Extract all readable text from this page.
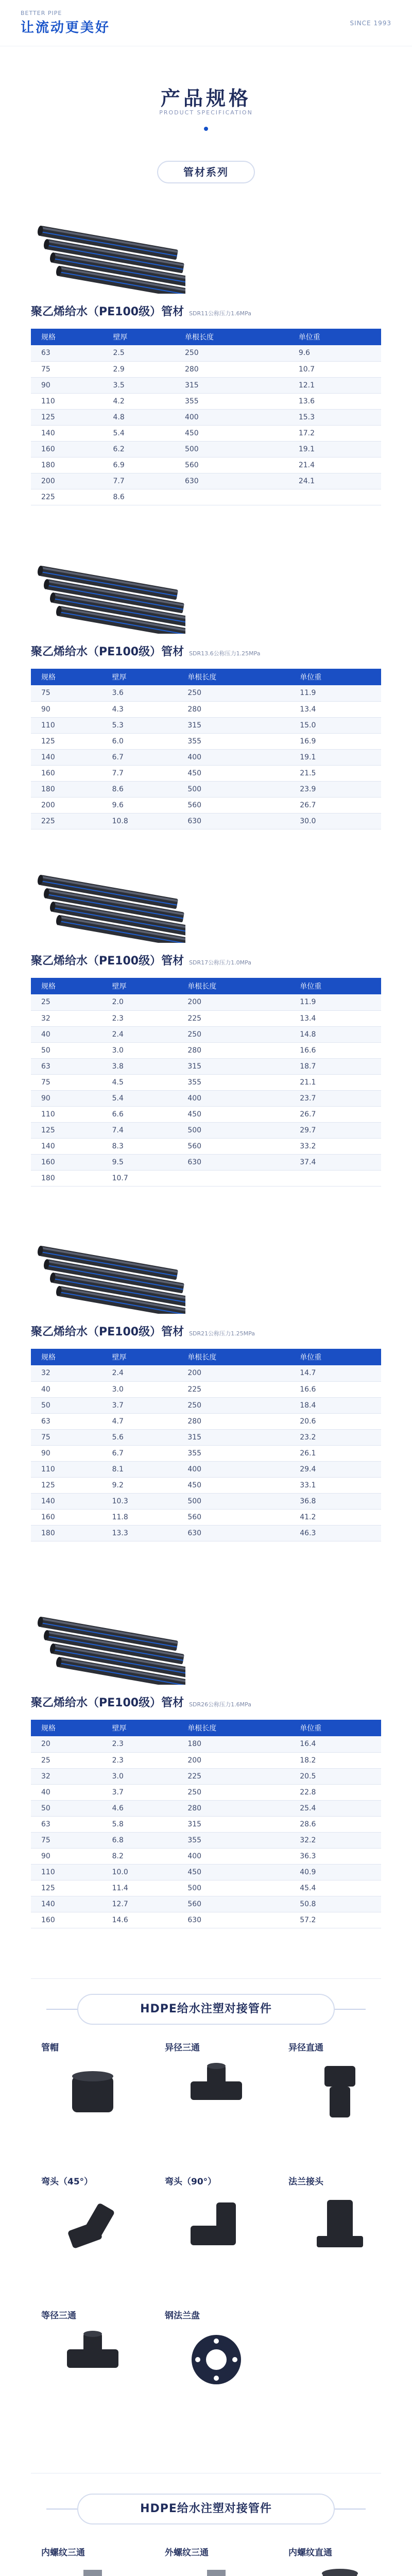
BETTER PIPE
让流动更美好	SINCE 1993
产品规格
PRODUCT SPECIFICATION
管材系列
聚乙烯给水（PE100级）管材 SDR11公称压力1.6MPa
规格	壁厚	单根长度	单位重
63	2.5	250	9.6
75	2.9	280	10.7
90	3.5	315	12.1
110	4.2	355	13.6
125	4.8	400	15.3
140	5.4	450	17.2
160	6.2	500	19.1
180	6.9	560	21.4
200	7.7	630	24.1
225	8.6		
聚乙烯给水（PE100级）管材 SDR13.6公称压力1.25MPa
规格	壁厚	单根长度	单位重
75	3.6	250	11.9
90	4.3	280	13.4
110	5.3	315	15.0
125	6.0	355	16.9
140	6.7	400	19.1
160	7.7	450	21.5
180	8.6	500	23.9
200	9.6	560	26.7
225	10.8	630	30.0
聚乙烯给水（PE100级）管材 SDR17公称压力1.0MPa
规格	壁厚	单根长度	单位重
25	2.0	200	11.9
32	2.3	225	13.4
40	2.4	250	14.8
50	3.0	280	16.6
63	3.8	315	18.7
75	4.5	355	21.1
90	5.4	400	23.7
110	6.6	450	26.7
125	7.4	500	29.7
140	8.3	560	33.2
160	9.5	630	37.4
180	10.7		
聚乙烯给水（PE100级）管材 SDR21公称压力1.25MPa
规格	壁厚	单根长度	单位重
32	2.4	200	14.7
40	3.0	225	16.6
50	3.7	250	18.4
63	4.7	280	20.6
75	5.6	315	23.2
90	6.7	355	26.1
110	8.1	400	29.4
125	9.2	450	33.1
140	10.3	500	36.8
160	11.8	560	41.2
180	13.3	630	46.3
聚乙烯给水（PE100级）管材 SDR26公称压力1.6MPa
规格	壁厚	单根长度	单位重
20	2.3	180	16.4
25	2.3	200	18.2
32	3.0	225	20.5
40	3.7	250	22.8
50	4.6	280	25.4
63	5.8	315	28.6
75	6.8	355	32.2
90	8.2	400	36.3
110	10.0	450	40.9
125	11.4	500	45.4
140	12.7	560	50.8
160	14.6	630	57.2
HDPE给水注塑对接管件
管帽	异径三通	异径直通
弯头（45°）	弯头（90°）	法兰接头
等径三通	钢法兰盘
HDPE给水注塑对接管件
内螺纹三通	外螺纹三通	内螺纹直通
